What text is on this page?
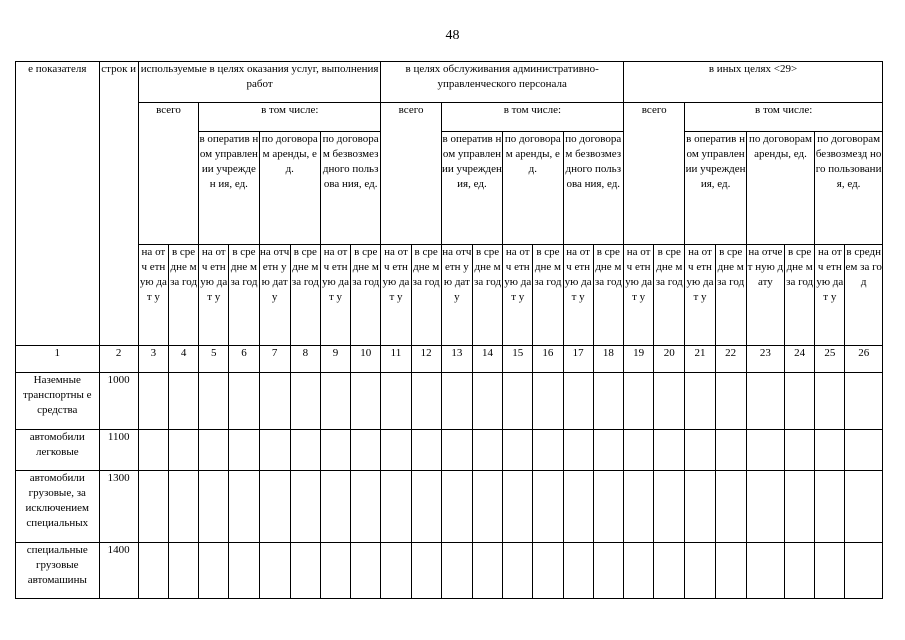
48
е показателя	строк и	используемые в целях оказания услуг, выполнения работ								в целях обслуживания административно-управленческого персонала								в иных целях <29>							
		всего		в том числе:						всего		в том числе:						всего		в том числе:					
				в оператив ном управлен ии учрежден ия, ед.		по договора м аренды, ед.		по договора м безвозмез дного пользова ния, ед.				в оператив ном управлен ии учрежден ия, ед.		по договора м аренды, ед.		по договора м безвозмез дного пользова ния, ед.				в оператив ном управлен ии учрежден ия, ед.		по договорам аренды, ед.		по договорам безвозмезд ного пользовани я, ед.	
		на отч етн ую дат у	в сре дне м за год	на отч етн ую дат у	в сре дне м за год	на отч етн ую дат у	в сре дне м за год	на отч етн ую дат у	в сре дне м за год	на отч етн ую дат у	в сре дне м за год	на отч етн ую дат у	в сре дне м за год	на отч етн ую дат у	в сре дне м за год	на отч етн ую дат у	в сре дне м за год	на отч етн ую дат у	в сре дне м за год	на отч етн ую дат у	в сре дне м за год	на отчет ную дату	в сре дне м за год	на отч етн ую дат у	в средн ем за год
1	2	3	4	5	6	7	8	9	10	11	12	13	14	15	16	17	18	19	20	21	22	23	24	25	26
Наземные транспортны е средства	1000																								
автомобили легковые	1100																								
автомобили грузовые, за исключением специальных	1300																								
специальные грузовые автомашины	1400																								
